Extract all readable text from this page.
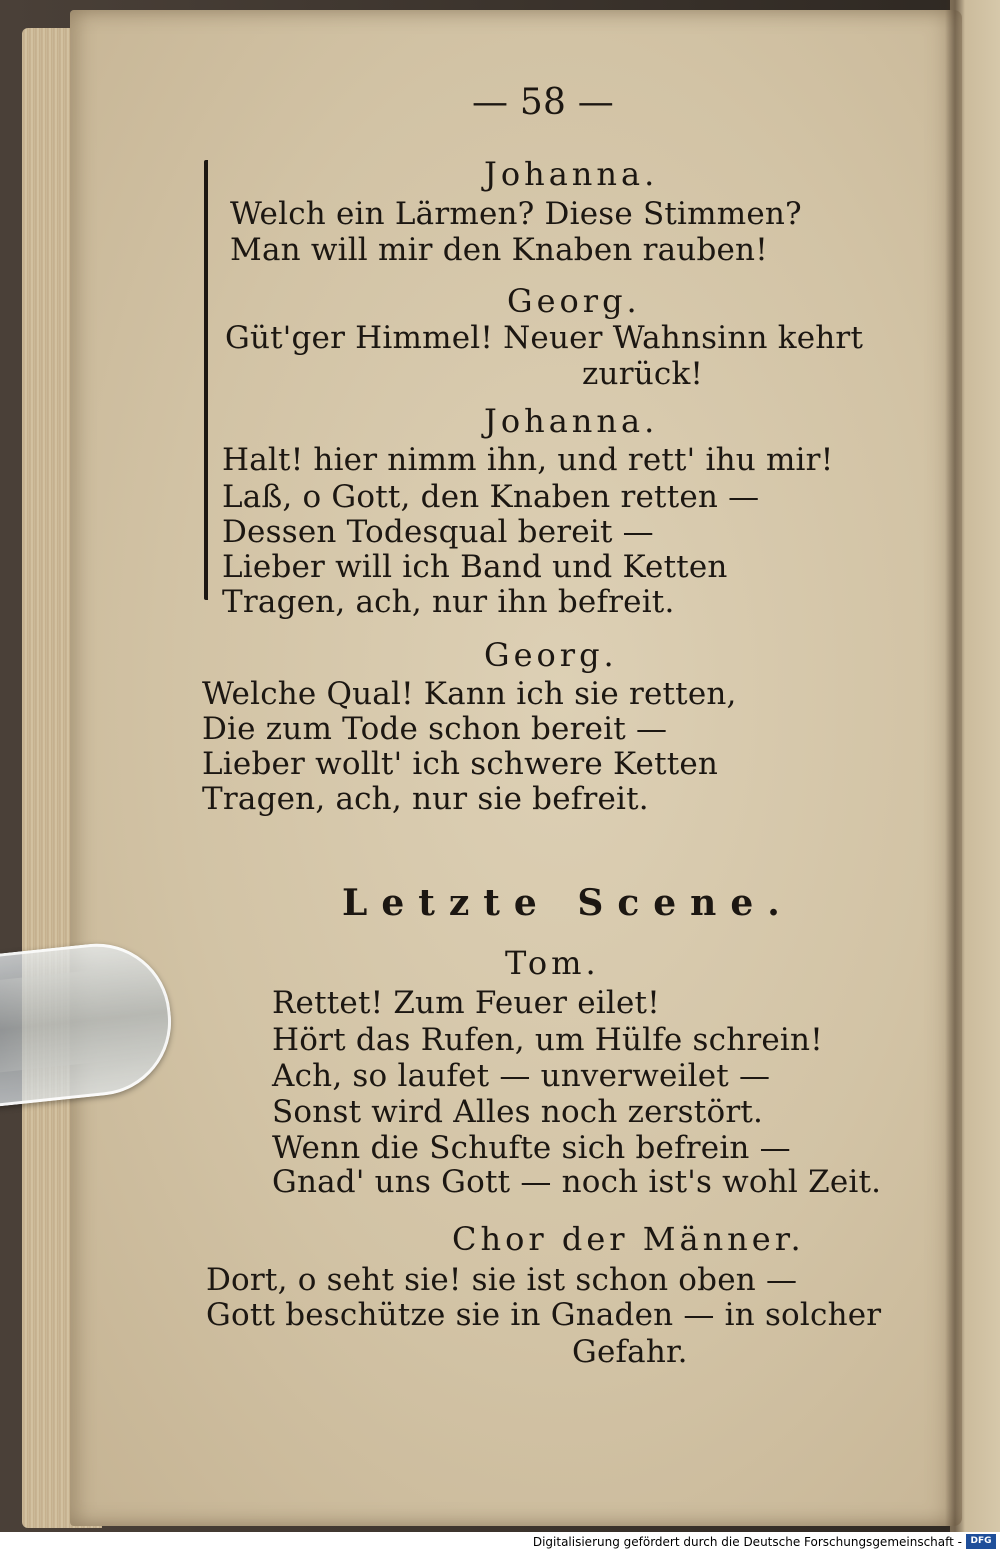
— 58 —

Johanna.

Welch ein Lärmen? Diese Stimmen?

Man will mir den Knaben rauben!

Georg.

Güt'ger Himmel! Neuer Wahnsinn kehrt

zurück!

Johanna.

Halt! hier nimm ihn, und rett' ihu mir!

Laß, o Gott, den Knaben retten —

Dessen Todesqual bereit —

Lieber will ich Band und Ketten

Tragen, ach, nur ihn befreit.

Georg.

Welche Qual! Kann ich sie retten,

Die zum Tode schon bereit —

Lieber wollt' ich schwere Ketten

Tragen, ach, nur sie befreit.

Letzte Scene.

Tom.

Rettet! Zum Feuer eilet!

Hört das Rufen, um Hülfe schrein!

Ach, so laufet — unverweilet —

Sonst wird Alles noch zerstört.

Wenn die Schufte sich befrein —

Gnad' uns Gott — noch ist's wohl Zeit.

Chor der Männer.

Dort, o seht sie! sie ist schon oben —

Gott beschütze sie in Gnaden — in solcher

Gefahr.

Digitalisierung gefördert durch die Deutsche Forschungsgemeinschaft - DFG
